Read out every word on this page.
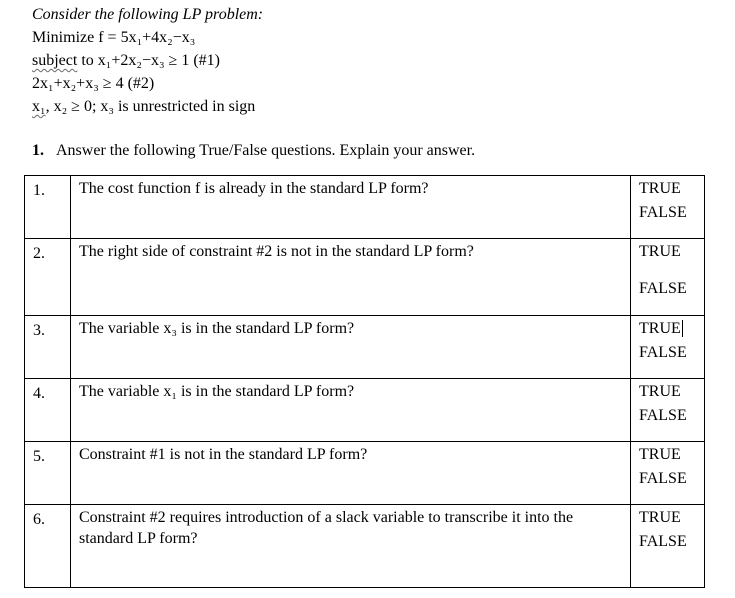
Consider the following LP problem:
Minimize f = 5x₁+4x₂−x₃
subject to x₁+2x₂−x₃ ≥ 1 (#1)
2x₁+x₂+x₃ ≥ 4 (#2)
x₁, x₂ ≥ 0; x₃ is unrestricted in sign
1. Answer the following True/False questions. Explain your answer.
1.	The cost function f is already in the standard LP form?	TRUE
FALSE

2.	The right side of constraint #2 is not in the standard LP form?	TRUE
FALSE

3.	The variable x₃ is in the standard LP form?	TRUE
FALSE

4.	The variable x₁ is in the standard LP form?	TRUE
FALSE

5.	Constraint #1 is not in the standard LP form?	TRUE
FALSE

6.	Constraint #2 requires introduction of a slack variable to transcribe it into the standard LP form?	TRUE
FALSE
